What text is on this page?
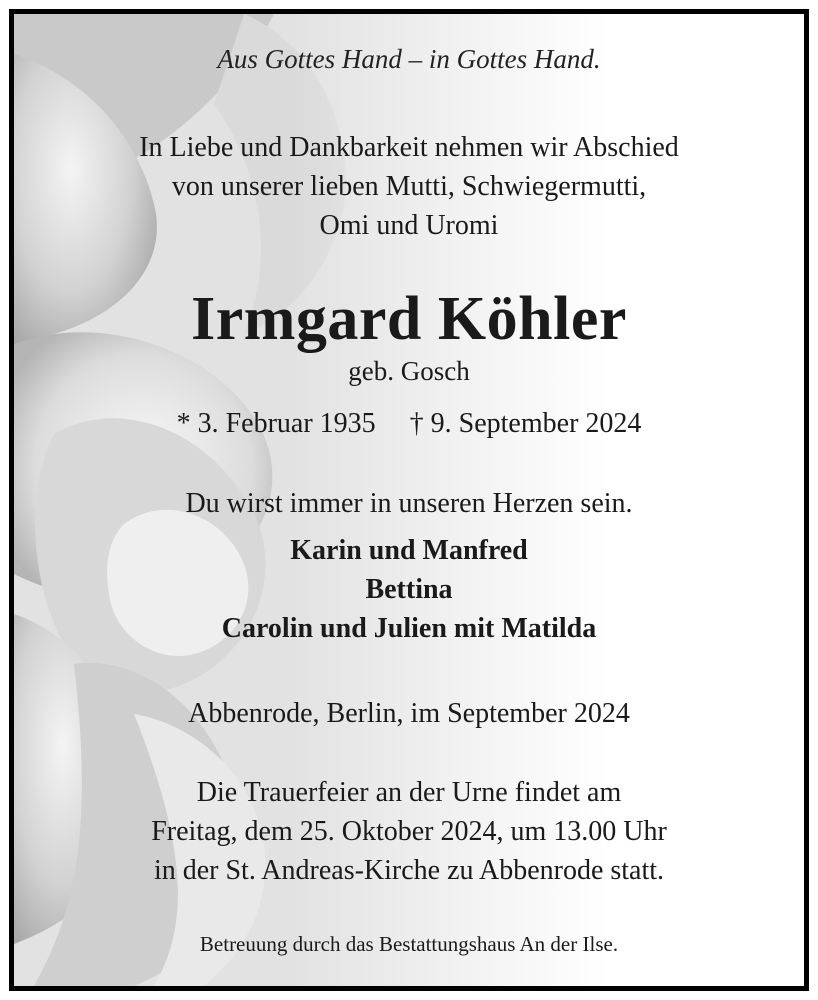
Aus Gottes Hand – in Gottes Hand.
In Liebe und Dankbarkeit nehmen wir Abschied
von unserer lieben Mutti, Schwiegermutti,
Omi und Uromi
Irmgard Köhler
geb. Gosch
* 3. Februar 1935 † 9. September 2024
Du wirst immer in unseren Herzen sein.
Karin und Manfred
Bettina
Carolin und Julien mit Matilda
Abbenrode, Berlin, im September 2024
Die Trauerfeier an der Urne findet am
Freitag, dem 25. Oktober 2024, um 13.00 Uhr
in der St. Andreas-Kirche zu Abbenrode statt.
Betreuung durch das Bestattungshaus An der Ilse.
